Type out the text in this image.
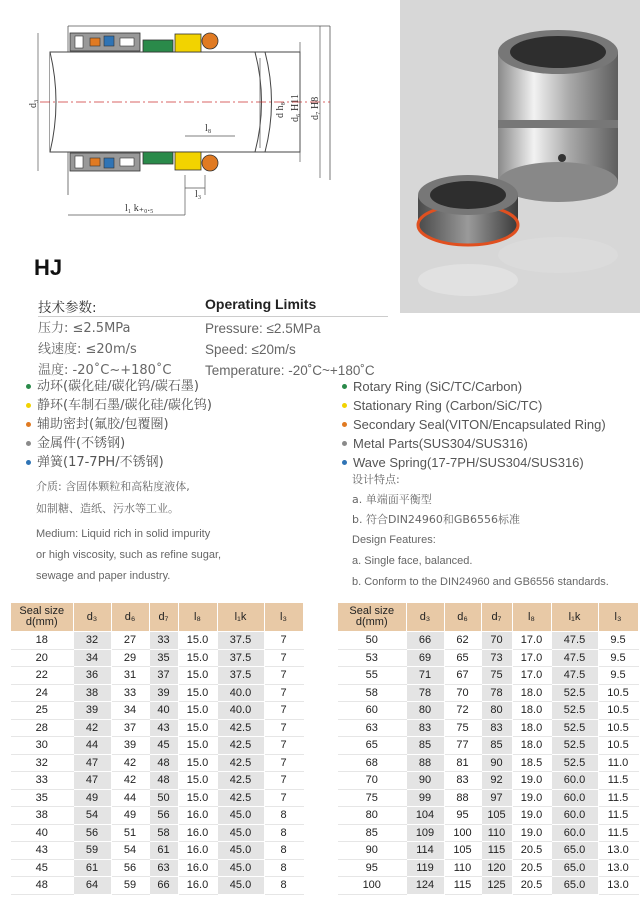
d₃	d h₈ d₆ H11 d₇ H8
l₈
l₃
l₁ k₊₀.₅
HJ
技术参数:	Operating Limits
压力: ≤2.5MPa
线速度: ≤20m/s
温度: -20˚C~+180˚C
Pressure: ≤2.5MPa
Speed: ≤20m/s
Temperature: -20˚C~+180˚C
动环(碳化硅/碳化钨/碳石墨)
静环(车制石墨/碳化硅/碳化钨)
辅助密封(氟胶/包覆圈)
金属件(不锈钢)
弹簧(17-7PH/不锈钢)
Rotary Ring (SiC/TC/Carbon)
Stationary Ring (Carbon/SiC/TC)
Secondary Seal(VITON/Encapsulated Ring)
Metal Parts(SUS304/SUS316)
Wave Spring(17-7PH/SUS304/SUS316)
介质: 含固体颗粒和高粘度液体,
如制糖、造纸、污水等工业。
Medium: Liquid rich in solid impurity
or high viscosity, such as refine sugar,
sewage and paper industry.
设计特点:
a. 单端面平衡型
b. 符合DIN24960和GB6556标准
Design Features:
a. Single face, balanced.
b. Conform to the DIN24960 and GB6556 standards.
Seal size d(mm)	d₃	d₆	d₇	l₈	l₁k	l₃
18	32	27	33	15.0	37.5	7
20	34	29	35	15.0	37.5	7
22	36	31	37	15.0	37.5	7
24	38	33	39	15.0	40.0	7
25	39	34	40	15.0	40.0	7
28	42	37	43	15.0	42.5	7
30	44	39	45	15.0	42.5	7
32	47	42	48	15.0	42.5	7
33	47	42	48	15.0	42.5	7
35	49	44	50	15.0	42.5	7
38	54	49	56	16.0	45.0	8
40	56	51	58	16.0	45.0	8
43	59	54	61	16.0	45.0	8
45	61	56	63	16.0	45.0	8
48	64	59	66	16.0	45.0	8
Seal size d(mm)	d₃	d₆	d₇	l₈	l₁k	l₃
50	66	62	70	17.0	47.5	9.5
53	69	65	73	17.0	47.5	9.5
55	71	67	75	17.0	47.5	9.5
58	78	70	78	18.0	52.5	10.5
60	80	72	80	18.0	52.5	10.5
63	83	75	83	18.0	52.5	10.5
65	85	77	85	18.0	52.5	10.5
68	88	81	90	18.5	52.5	11.0
70	90	83	92	19.0	60.0	11.5
75	99	88	97	19.0	60.0	11.5
80	104	95	105	19.0	60.0	11.5
85	109	100	110	19.0	60.0	11.5
90	114	105	115	20.5	65.0	13.0
95	119	110	120	20.5	65.0	13.0
100	124	115	125	20.5	65.0	13.0
